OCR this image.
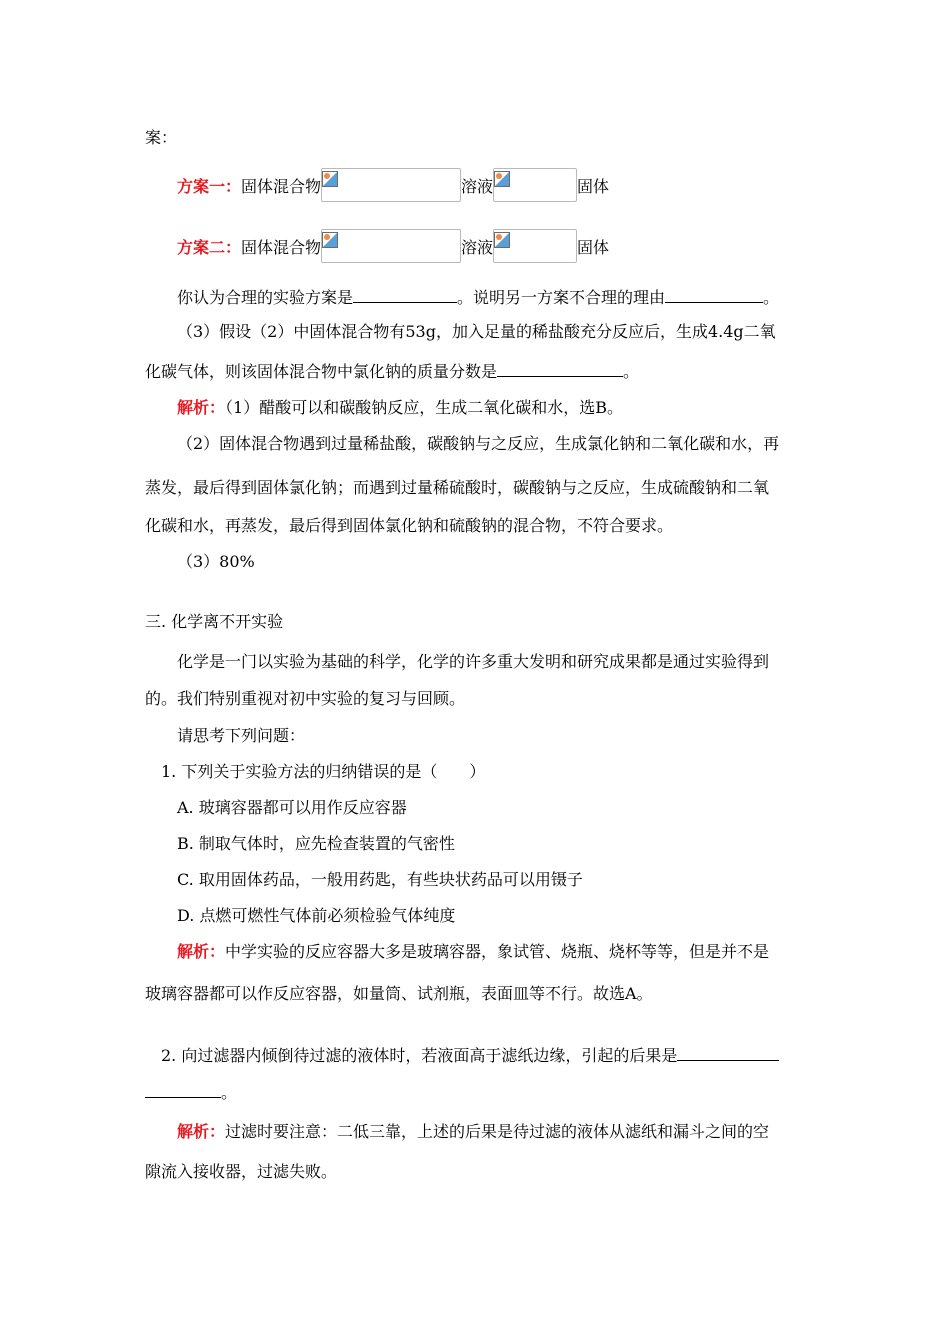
案：
方案一： 固体混合物	溶液	固体
方案二： 固体混合物	溶液	固体
你认为合理的实验方案是	。说明另一方案不合理的理由	。
（3）假设（2）中固体混合物有53g，加入足量的稀盐酸充分反应后，生成4.4g二氧
化碳气体，则该固体混合物中氯化钠的质量分数是	。
解析：（1）醋酸可以和碳酸钠反应，生成二氧化碳和水，选B。
（2）固体混合物遇到过量稀盐酸，碳酸钠与之反应，生成氯化钠和二氧化碳和水，再
蒸发，最后得到固体氯化钠；而遇到过量稀硫酸时，碳酸钠与之反应，生成硫酸钠和二氧
化碳和水，再蒸发，最后得到固体氯化钠和硫酸钠的混合物，不符合要求。
（3）80%
三. 化学离不开实验
化学是一门以实验为基础的科学，化学的许多重大发明和研究成果都是通过实验得到
的。我们特别重视对初中实验的复习与回顾。
请思考下列问题：
1. 下列关于实验方法的归纳错误的是（　　）
A. 玻璃容器都可以用作反应容器
B. 制取气体时，应先检查装置的气密性
C. 取用固体药品，一般用药匙，有些块状药品可以用镊子
D. 点燃可燃性气体前必须检验气体纯度
解析：中学实验的反应容器大多是玻璃容器，象试管、烧瓶、烧杯等等，但是并不是
玻璃容器都可以作反应容器，如量筒、试剂瓶，表面皿等不行。故选A。
2. 向过滤器内倾倒待过滤的液体时，若液面高于滤纸边缘，引起的后果是
。
解析：过滤时要注意：二低三靠，上述的后果是待过滤的液体从滤纸和漏斗之间的空
隙流入接收器，过滤失败。
